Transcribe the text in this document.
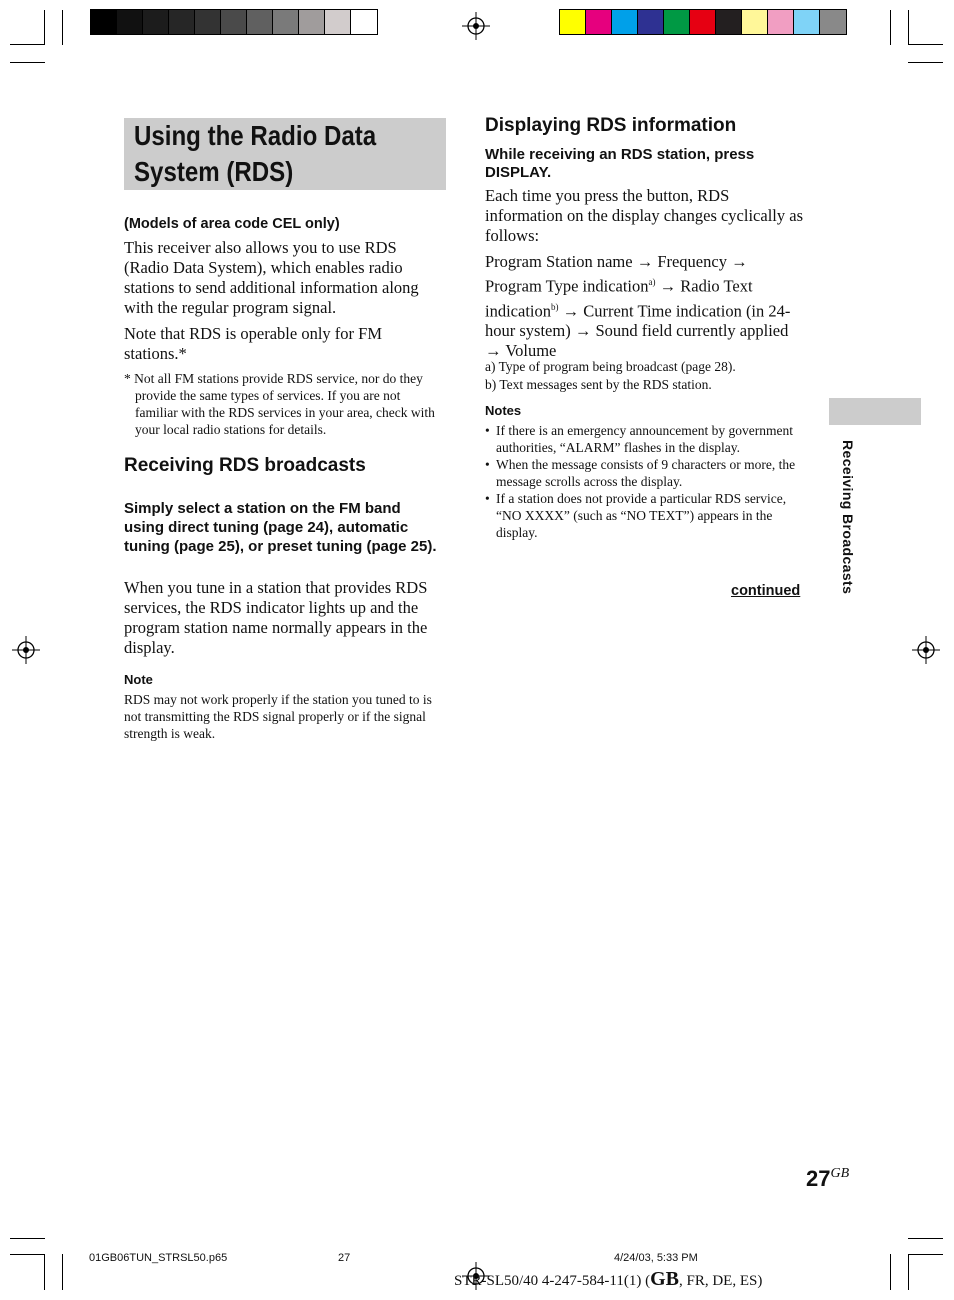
Using the Radio Data
System (RDS)
(Models of area code CEL only)
This receiver also allows you to use RDS (Radio Data System), which enables radio stations to send additional information along with the regular program signal.
Note that RDS is operable only for FM stations.*
* Not all FM stations provide RDS service, nor do they provide the same types of services. If you are not familiar with the RDS services in your area, check with your local radio stations for details.
Receiving RDS broadcasts
Simply select a station on the FM band using direct tuning (page 24), automatic tuning (page 25), or preset tuning (page 25).
When you tune in a station that provides RDS services, the RDS indicator lights up and the program station name normally appears in the display.
Note
RDS may not work properly if the station you tuned to is not transmitting the RDS signal properly or if the signal strength is weak.
Displaying RDS information
While receiving an RDS station, press DISPLAY.
Each time you press the button, RDS information on the display changes cyclically as follows:
Program Station name → Frequency → Program Type indication$^{a)}$ → Radio Text indication$^{b)}$ → Current Time indication (in 24-hour system) → Sound field currently applied → Volume
a) Type of program being broadcast (page 28).
b) Text messages sent by the RDS station.
Notes
• If there is an emergency announcement by government authorities, “ALARM” flashes in the display.
• When the message consists of 9 characters or more, the message scrolls across the display.
• If a station does not provide a particular RDS service, “NO XXXX” (such as “NO TEXT”) appears in the display.
continued	Receiving Broadcasts
27GB
01GB06TUN_STRSL50.p65	27	4/24/03, 5:33 PM
STR-SL50/40 4-247-584-11(1) (GB, FR, DE, ES)
